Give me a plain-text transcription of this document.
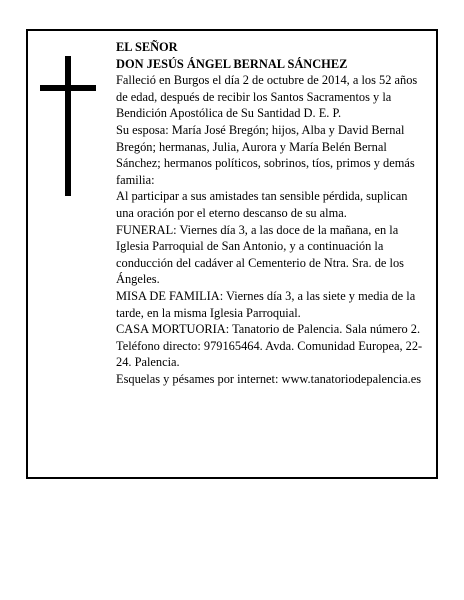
EL SEÑOR

DON JESÚS ÁNGEL BERNAL SÁNCHEZ

Falleció en Burgos el día 2 de octubre de 2014, a los 52 años de edad, después de recibir los Santos Sacramentos y la Bendición Apostólica de Su Santidad D. E. P.

Su esposa: María José Bregón; hijos, Alba y David Bernal Bregón; hermanas, Julia, Aurora y María Belén Bernal Sánchez; hermanos políticos, sobrinos, tíos, primos y demás familia:

Al participar a sus amistades tan sensible pérdida, suplican una oración por el eterno descanso de su alma.

FUNERAL: Viernes día 3, a las doce de la mañana, en la Iglesia Parroquial de San Antonio, y a continuación la conducción del cadáver al Cementerio de Ntra. Sra. de los Ángeles.

MISA DE FAMILIA: Viernes día 3, a las siete y media de la tarde, en la misma Iglesia Parroquial.

CASA MORTUORIA: Tanatorio de Palencia. Sala número 2. Teléfono directo: 979165464. Avda. Comunidad Europea, 22-24. Palencia.

Esquelas y pésames por internet: www.tanatoriodepalencia.es
